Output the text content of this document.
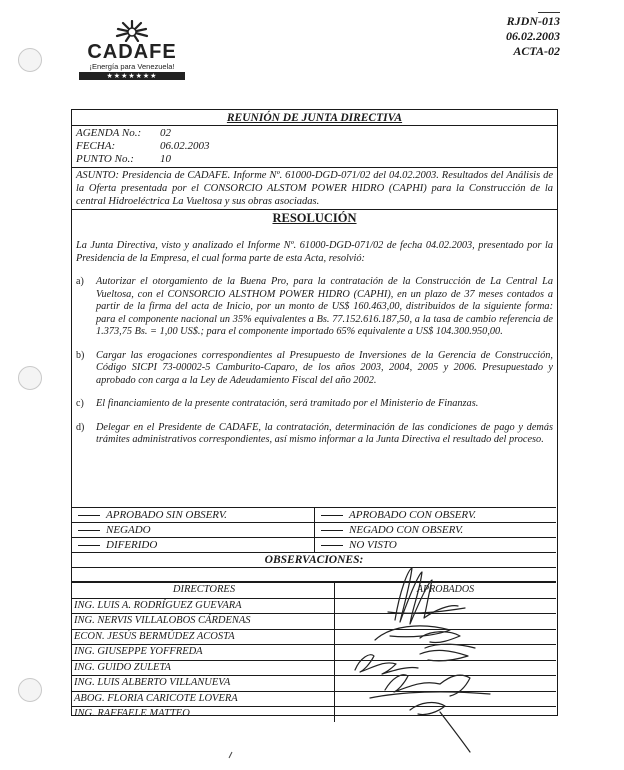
CADAFE
¡Energía para Venezuela!
★★★★★★★
RJDN-013
06.02.2003
ACTA-02
REUNIÓN DE JUNTA DIRECTIVA
AGENDA No.:	02
FECHA:	06.02.2003
PUNTO No.:	10
ASUNTO: Presidencia de CADAFE. Informe Nº. 61000-DGD-071/02 del 04.02.2003. Resultados del Análisis de la Oferta presentada por el CONSORCIO ALSTOM POWER HIDRO (CAPHI) para la Construcción de la central Hidroeléctrica La Vueltosa y sus obras asociadas.
RESOLUCIÓN
La Junta Directiva, visto y analizado el Informe Nº. 61000-DGD-071/02 de fecha 04.02.2003, presentado por la Presidencia de la Empresa, el cual forma parte de esta Acta, resolvió:
a)	Autorizar el otorgamiento de la Buena Pro, para la contratación de la Construcción de La Central La Vueltosa, con el CONSORCIO ALSTHOM POWER HIDRO (CAPHI), en un plazo de 37 meses contados a partir de la firma del acta de Inicio, por un monto de US$ 160.463,00, distribuidos de la siguiente forma: para el componente nacional un 35% equivalentes a Bs. 77.152.616.187,50, a la tasa de cambio referencia de 1.373,75 Bs. = 1,00 US$.; para el componente importado 65% equivalente a US$ 104.300.950,00.
b)	Cargar las erogaciones correspondientes al Presupuesto de Inversiones de la Gerencia de Construcción, Código SICPI 73-00002-5 Camburito-Caparo, de los años 2003, 2004, 2005 y 2006. Presupuestado y aprobado con carga a la Ley de Adeudamiento Fiscal del año 2002.
c)	El financiamiento de la presente contratación, será tramitado por el Ministerio de Finanzas.
d)	Delegar en el Presidente de CADAFE, la contratación, determinación de las condiciones de pago y demás trámites administrativos correspondientes, así mismo informar a la Junta Directiva el resultado del proceso.
APROBADO SIN OBSERV.	APROBADO CON OBSERV.
NEGADO	NEGADO CON OBSERV.
DIFERIDO	NO VISTO
OBSERVACIONES:
DIRECTORES	APROBADOS
ING. LUIS A. RODRÍGUEZ GUEVARA
ING. NERVIS VILLALOBOS CÁRDENAS
ECON. JESÚS BERMÚDEZ ACOSTA
ING. GIUSEPPE YOFFREDA
ING. GUIDO ZULETA
ING. LUIS ALBERTO VILLANUEVA
ABOG. FLORIA CARICOTE LOVERA
ING. RAFFAELE MATTEO
